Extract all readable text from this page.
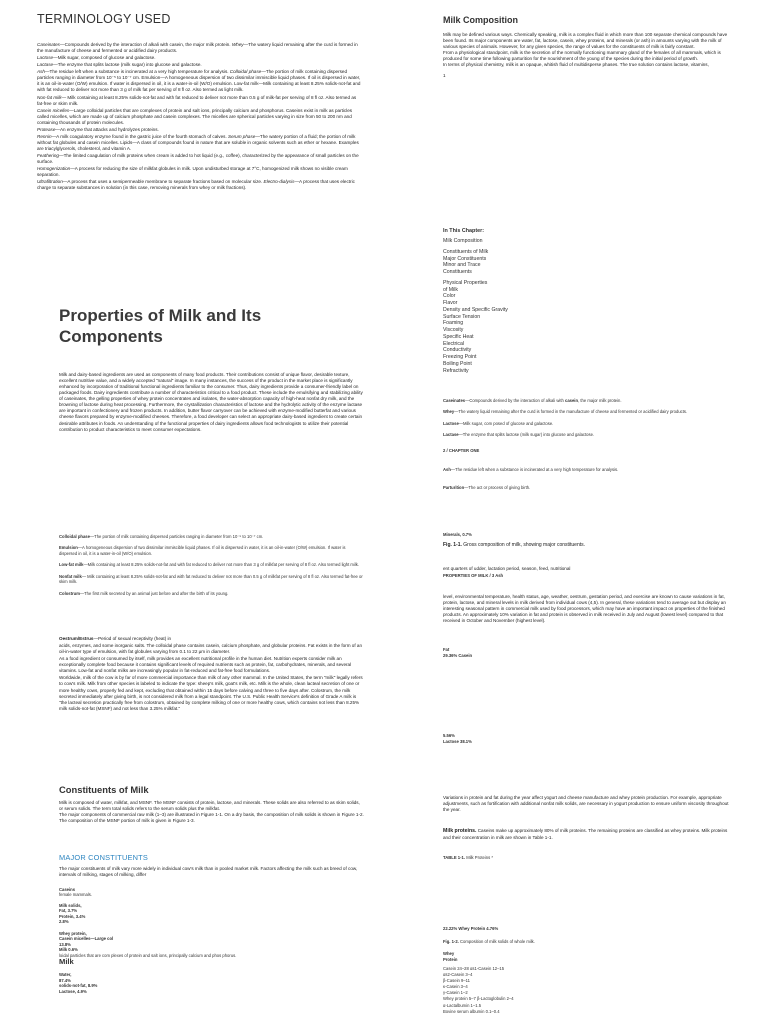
TERMINOLOGY USED
Caseinates—Compounds derived by the interaction of alkali with casein, the major milk protein. Whey—The watery liquid remaining after the curd is formed in the manufacture of cheese and fermented or acidified dairy products.
Lactose—Milk sugar, composed of glucose and galactose.
Lactase—The enzyme that splits lactose (milk sugar) into glucose and galactose.
Ash—The residue left when a substance is incinerated at a very high temperature for analysis. Colloidal phase—The portion of milk containing dispersed particles ranging in diameter from 10⁻⁵ to 10⁻⁷ cm. Emulsion—A homogeneous dispersion of two dissimilar immiscible liquid phases. If oil is dispersed in water, it is an oil-in-water (O/W) emulsion. If water is dispersed in oil, it is a water-in-oil (W/O) emulsion. Low-fat milk—Milk containing at least 8.25% solids-not-fat and with fat reduced to deliver not more than 3 g of milk fat per serving of 8 fl oz. Also termed as light milk.
Non-fat milk— Milk containing at least 8.25% solids-not-fat and with fat reduced to deliver not more than 0.5 g of milk-fat per serving of 8 fl oz. Also termed as fat-free or skim milk.
Casein micelles—Large colloidal particles that are complexes of protein and salt ions, principally calcium and phosphorus. Caseins exist in milk as particles called micelles, which are made up of calcium phosphate and casein complexes. The micelles are spherical particles varying in size from 50 to 200 nm and containing thousands of protein molecules.
Protease—An enzyme that attacks and hydrolyzes proteins.
Rennin—A milk coagulatory enzyme found in the gastric juice of the fourth stomach of calves. Serum phase—The watery portion of a fluid; the portion of milk without fat globules and casein micelles. Lipids—A class of compounds found in nature that are soluble in organic solvents such as ether or hexane. Examples are triacylglycerols, cholesterol, and vitamin A.
Feathering—The limited coagulation of milk proteins when cream is added to hot liquid (e.g., coffee), characterized by the appearance of small particles on the surface.
Homogenization—A process for reducing the size of milkfat globules in milk. Upon undisturbed storage at 7°C, homogenized milk shows no visible cream separation.
Ultrafiltration—A process that uses a semipermeable membrane to separate fractions based on molecular size. Electro-dialysis—A process that uses electric charge to separate substances in solution (in this case, removing minerals from whey or milk fractions).
Properties of Milk and Its Components
Milk and dairy-based ingredients are used as components of many food products. Their contributions consist of unique flavor, desirable texture, excellent nutritive value, and a widely accepted "natural" image. In many instances, the success of the product in the market place is significantly enhanced by incorporation of traditional functional ingredients familiar to the consumer. Thus, dairy ingredients provide a consumer-friendly label on packaged foods. Dairy ingredients contribute a number of characteristics critical to a food product. These include the emulsifying and stabilizing ability of caseinates, the gelling properties of whey protein concentrates and isolates, the water-absorption capacity of high-heat nonfat dry milk, and the browning of lactose during heat processing. Furthermore, the crystallization characteristics of lactose and the hydrolytic activity of the enzyme lactase are important in confectionery and frozen products. In addition, butter flavor carryover can be achieved with enzyme-modified butterfat and various cheese flavors prepared by enzyme-modified cheeses. Therefore, a food developer can select an appropriate dairy-based ingredient to create certain desirable attributes in foods. An understanding of the functional properties of dairy ingredients allows food technologists to utilize their potential contribution to product characteristics to meet consumer expectations.
Colloidal phase—The portion of milk containing dispersed particles ranging in diameter from 10⁻⁵ to 10⁻⁷ cm.
Emulsion—A homogeneous dispersion of two dissimilar immiscible liquid phases. If oil is dispersed in water, it is an oil-in-water (O/W) emulsion. If water is dispersed in oil, it is a water-in-oil (W/O) emulsion.
Low-fat milk—Milk containing at least 8.25% solids-not-fat and with fat reduced to deliver not more than 3 g of milkfat per serving of 8 fl oz. Also termed light milk.
Nonfat milk— Milk containing at least 8.25% solids-not-fat and with fat reduced to deliver not more than 0.5 g of milkfat per serving of 8 fl oz. Also termed fat-free or skim milk.
Colostrum—The first milk secreted by an animal just before and after the birth of its young.
Oestrum/Estrus—Period of sexual receptivity (heat) in
acids, enzymes, and some inorganic salts. The colloidal phase contains casein, calcium phosphate, and globular proteins. Fat exists in the form of an oil-in-water type of emulsion, with fat globules varying from 0.1 to 22 μm in diameter.
As a food ingredient or consumed by itself, milk provides an excellent nutritional profile in the human diet. Nutrition experts consider milk an exceptionally complete food because it contains significant levels of required nutrients such as protein, fat, carbohydrates, minerals, and several vitamins. Low-fat and nonfat milks are increasingly popular in fat-reduced and fat-free food formulations.
Worldwide, milk of the cow is by far of more commercial importance than milk of any other mammal. In the United States, the term "milk" legally refers to cow's milk. Milk from other species is labeled to indicate the type: sheep's milk, goat's milk, etc. Milk is the whole, clean lacteal secretion of one or more healthy cows, properly fed and kept, excluding that obtained within 15 days before calving and three to five days after. Colostrum, the milk secreted immediately after giving birth, is not considered milk from a legal standpoint. The U.S. Public Health Service's definition of Grade A milk is "the lacteal secretion practically free from colostrum, obtained by complete milking of one or more healthy cows, which contains not less than 8.25% milk solids-not-fat (MSNF) and not less than 3.25% milkfat."
Constituents of Milk
Milk is composed of water, milkfat, and MSNF. The MSNF consists of protein, lactose, and minerals. These solids are also referred to as skim solids, or serum solids. The term total solids refers to the serum solids plus the milkfat.
The major components of commercial raw milk (1–3) are illustrated in Figure 1-1. On a dry basis, the composition of milk solids is shown in Figure 1-2. The composition of the MSNF portion of milk is given in Figure 1-3.
MAJOR CONSTITUENTS
The major constituents of milk vary more widely in individual cow's milk than in pooled market milk. Factors affecting the milk such as breed of cow, intervals of milking, stages of milking, differ
Caseins
female mammals.
Milk solids,
Fat, 3.7%
Protein, 3.4%
2.8%
Whey protein,
Casein micelles—Large col
13.8%
Milk 0.6%
loidal particles that are com plexes of protein and salt ions, principally calcium and phos phorus.
Milk
Water,
87.4%
solids-not-fat, 8.9%
Lactose, 4.9%
Milk Composition
Milk may be defined various ways. Chemically speaking, milk is a complex fluid in which more than 100 separate chemical compounds have been found. Its major components are water, fat, lactose, casein, whey proteins, and minerals (or ash) in amounts varying with the milk of various species of animals. However, for any given species, the range of values for the constituents of milk is fairly constant.
From a physiological standpoint, milk is the secretion of the normally functioning mammary gland of the females of all mammals, which is produced for some time following parturition for the nourishment of the young of the species during the initial period of growth.
In terms of physical chemistry, milk is an opaque, whitish fluid of multidisperse phases. The true solution contains lactose, vitamins,
1
In This Chapter:
Milk Composition
Constituents of Milk
Major Constituents
Minor and Trace
Constituents
Physical Properties
of Milk
Color
Flavor
Density and Specific Gravity
Surface Tension
Foaming
Viscosity
Specific Heat
Electrical
Conductivity
Freezing Point
Boiling Point
Refractivity
Caseinates—Compounds derived by the interaction of alkali with casein, the major milk protein.
Whey—The watery liquid remaining after the curd is formed in the manufacture of cheese and fermented or acidified dairy products.
Lactose—Milk sugar, com posed of glucose and galactose.
Lactase—The enzyme that splits lactose (milk sugar) into glucose and galactose.
2 / CHAPTER ONE
Ash—The residue left when a substance is incinerated at a very high temperature for analysis.
Parturition—The act or process of giving birth.
Minerals, 0.7%
Fig. 1-1. Gross composition of milk, showing major constituents.
ent quarters of udder, lactation period, season, feed, nutritional
PROPERTIES OF MILK / 3 Ash
level, environmental temperature, health status, age, weather, oestrum, gestation period, and exercise are known to cause variations in fat, protein, lactose, and mineral levels in milk derived from individual cows (4,5). In general, these variations tend to average out but display an interesting seasonal pattern in commercial milk used by food processors, which may have an important impact on properties of the finished products. An approximately 10% variation in fat and protein is observed in milk received in July and August (lowest level) compared to that received in October and November (highest level).
Fat
29.36% Casein
5.56%
Lactose 38.1%
Variations in protein and fat during the year affect yogurt and cheese manufacture and whey protein production. For example, appropriate adjustments, such as fortification with additional nonfat milk solids, are necessary in yogurt production to ensure uniform viscosity throughout the year.
Milk proteins. Caseins make up approximately 80% of milk proteins. The remaining proteins are classified as whey proteins. Milk proteins and their concentration in milk are shown in Table 1-1.
TABLE 1-1. Milk Proteins *
22.22% Whey Protein 4.76%
Fig. 1-2. Composition of milk solids of whole milk.
Whey
Protein
Casein 24–28 αs1-Casein 12–15
αs2-Casein 3–4
β-Casein 9–11
κ-Casein 3–4
γ-Casein 1–2
Whey protein 5–7 β-Lactoglobulin 2–4
α-Lactalbumin 1–1.5
Bovine serum albumin 0.1–0.4
